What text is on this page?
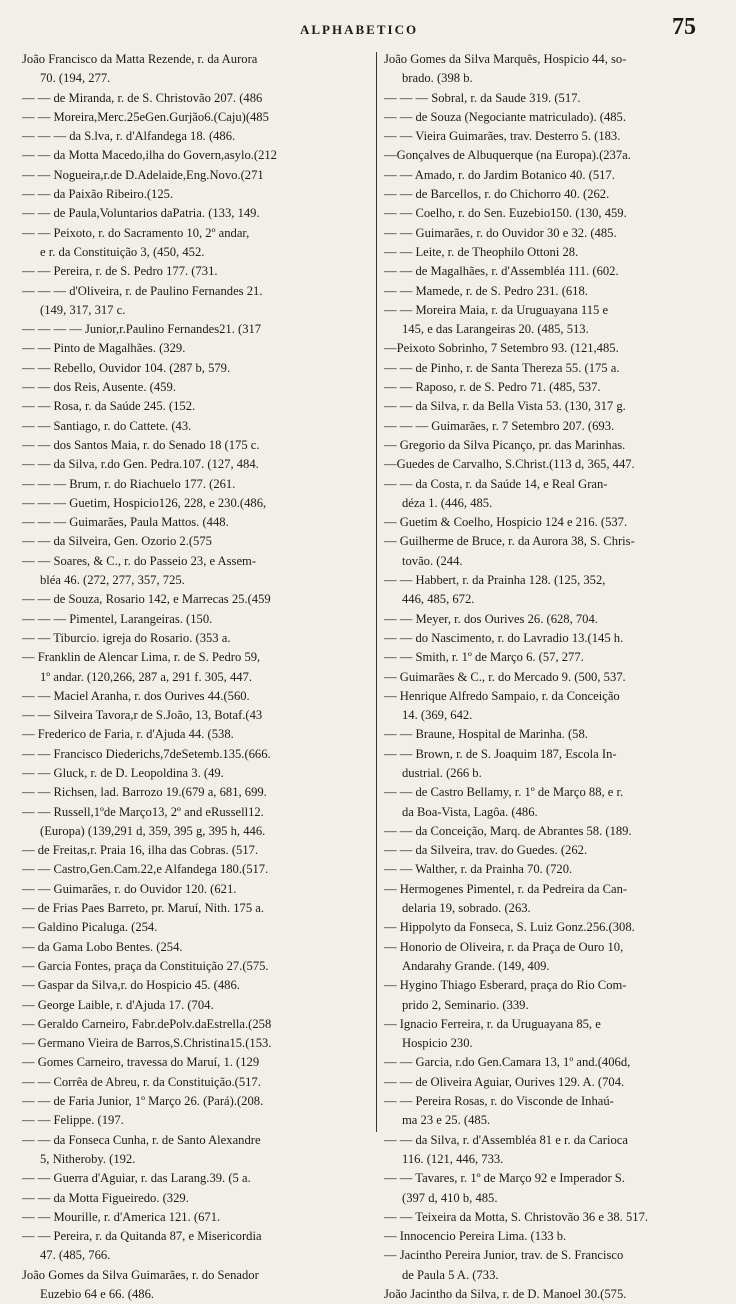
ALPHABETICO	75
João Francisco da Matta Rezende, r. da Aurora
70. (194, 277.
— — de Miranda, r. de S. Christovão 207. (486
— — Moreira,Merc.25eGen.Gurjão6.(Caju)(485
— — — da S.lva, r. d'Alfandega 18. (486.
— — da Motta Macedo,ilha do Govern,asylo.(212
— — Nogueira,r.de D.Adelaide,Eng.Novo.(271
— — da Paixão Ribeiro.(125.
— — de Paula,Voluntarios daPatria. (133, 149.
— — Peixoto, r. do Sacramento 10, 2º andar,
e r. da Constituição 3, (450, 452.
— — Pereira, r. de S. Pedro 177. (731.
— — — d'Oliveira, r. de Paulino Fernandes 21.
(149, 317, 317 c.
— — — — Junior,r.Paulino Fernandes21. (317
— — Pinto de Magalhães. (329.
— — Rebello, Ouvidor 104. (287 b, 579.
— — dos Reis, Ausente. (459.
— — Rosa, r. da Saúde 245. (152.
— — Santiago, r. do Cattete. (43.
— — dos Santos Maia, r. do Senado 18 (175 c.
— — da Silva, r.do Gen. Pedra.107. (127, 484.
— — — Brum, r. do Riachuelo 177. (261.
— — — Guetim, Hospicio126, 228, e 230.(486,
— — — Guimarães, Paula Mattos. (448.
— — da Silveira, Gen. Ozorio 2.(575
— — Soares, & C., r. do Passeio 23, e Assem-
bléa 46. (272, 277, 357, 725.
— — de Souza, Rosario 142, e Marrecas 25.(459
— — — Pimentel, Larangeiras. (150.
— — Tiburcio. igreja do Rosario. (353 a.
— Franklin de Alencar Lima, r. de S. Pedro 59,
1º andar. (120,266, 287 a, 291 f. 305, 447.
— — Maciel Aranha, r. dos Ourives 44.(560.
— — Silveira Tavora,r de S.João, 13, Botaf.(43
— Frederico de Faria, r. d'Ajuda 44. (538.
— — Francisco Diederichs,7deSetemb.135.(666.
— — Gluck, r. de D. Leopoldina 3. (49.
— — Richsen, lad. Barrozo 19.(679 a, 681, 699.
— — Russell,1ºde Março13, 2º and eRussell12.
(Europa) (139,291 d, 359, 395 g, 395 h, 446.
— de Freitas,r. Praia 16, ilha das Cobras. (517.
— — Castro,Gen.Cam.22,e Alfandega 180.(517.
— — Guimarães, r. do Ouvidor 120. (621.
— de Frias Paes Barreto, pr. Maruí, Nith. 175 a.
— Galdino Picaluga. (254.
— da Gama Lobo Bentes. (254.
— Garcia Fontes, praça da Constituição 27.(575.
— Gaspar da Silva,r. do Hospicio 45. (486.
— George Laible, r. d'Ajuda 17. (704.
— Geraldo Carneiro, Fabr.dePolv.daEstrella.(258
— Germano Vieira de Barros,S.Christina15.(153.
— Gomes Carneiro, travessa do Maruí, 1. (129
— — Corrêa de Abreu, r. da Constituição.(517.
— — de Faria Junior, 1º Março 26. (Pará).(208.
— — Felippe. (197.
— — da Fonseca Cunha, r. de Santo Alexandre
5, Nitheroby. (192.
— — Guerra d'Aguiar, r. das Larang.39. (5 a.
— — da Motta Figueiredo. (329.
— — Mourille, r. d'America 121. (671.
— — Pereira, r. da Quitanda 87, e Misericordia
47. (485, 766.
João Gomes da Silva Guimarães, r. do Senador
Euzebio 64 e 66. (486.
João Gomes da Silva Marquês, Hospicio 44, so-
brado. (398 b.
— — — Sobral, r. da Saude 319. (517.
— — de Souza (Negociante matriculado). (485.
— — Vieira Guimarães, trav. Desterro 5. (183.
—Gonçalves de Albuquerque (na Europa).(237a.
— — Amado, r. do Jardim Botanico 40. (517.
— — de Barcellos, r. do Chichorro 40. (262.
— — Coelho, r. do Sen. Euzebio150. (130, 459.
— — Guimarães, r. do Ouvidor 30 e 32. (485.
— — Leite, r. de Theophilo Ottoni 28.
— — de Magalhães, r. d'Assembléa 111. (602.
— — Mamede, r. de S. Pedro 231. (618.
— — Moreira Maia, r. da Uruguayana 115 e
145, e das Larangeiras 20. (485, 513.
—Peixoto Sobrinho, 7 Setembro 93. (121,485.
— — de Pinho, r. de Santa Thereza 55. (175 a.
— — Raposo, r. de S. Pedro 71. (485, 537.
— — da Silva, r. da Bella Vista 53. (130, 317 g.
— — — Guimarães, r. 7 Setembro 207. (693.
— Gregorio da Silva Picanço, pr. das Marinhas.
—Guedes de Carvalho, S.Christ.(113 d, 365, 447.
— — da Costa, r. da Saúde 14, e Real Gran-
déza 1. (446, 485.
— Guetim & Coelho, Hospicio 124 e 216. (537.
— Guilherme de Bruce, r. da Aurora 38, S. Chris-
tovão. (244.
— — Habbert, r. da Prainha 128. (125, 352,
446, 485, 672.
— — Meyer, r. dos Ourives 26. (628, 704.
— — do Nascimento, r. do Lavradio 13.(145 h.
— — Smith, r. 1º de Março 6. (57, 277.
— Guimarães & C., r. do Mercado 9. (500, 537.
— Henrique Alfredo Sampaio, r. da Conceição
14. (369, 642.
— — Braune, Hospital de Marinha. (58.
— — Brown, r. de S. Joaquim 187, Escola In-
dustrial. (266 b.
— — de Castro Bellamy, r. 1º de Março 88, e r.
da Boa-Vista, Lagôa. (486.
— — da Conceição, Marq. de Abrantes 58. (189.
— — da Silveira, trav. do Guedes. (262.
— — Walther, r. da Prainha 70. (720.
— Hermogenes Pimentel, r. da Pedreira da Can-
delaria 19, sobrado. (263.
— Hippolyto da Fonseca, S. Luiz Gonz.256.(308.
— Honorio de Oliveira, r. da Praça de Ouro 10,
Andarahy Grande. (149, 409.
— Hygino Thiago Esberard, praça do Rio Com-
prido 2, Seminario. (339.
— Ignacio Ferreira, r. da Uruguayana 85, e
Hospicio 230.
— — Garcia, r.do Gen.Camara 13, 1º and.(406d,
— — de Oliveira Aguiar, Ourives 129. A. (704.
— — Pereira Rosas, r. do Visconde de Inhaú-
ma 23 e 25. (485.
— — da Silva, r. d'Assembléa 81 e r. da Carioca
116. (121, 446, 733.
— — Tavares, r. 1º de Março 92 e Imperador S.
(397 d, 410 b, 485.
— — Teixeira da Motta, S. Christovão 36 e 38. 517.
— Innocencio Pereira Lima. (133 b.
— Jacintho Pereira Junior, trav. de S. Francisco
de Paula 5 A. (733.
João Jacintho da Silva, r. de D. Manoel 30.(575.
